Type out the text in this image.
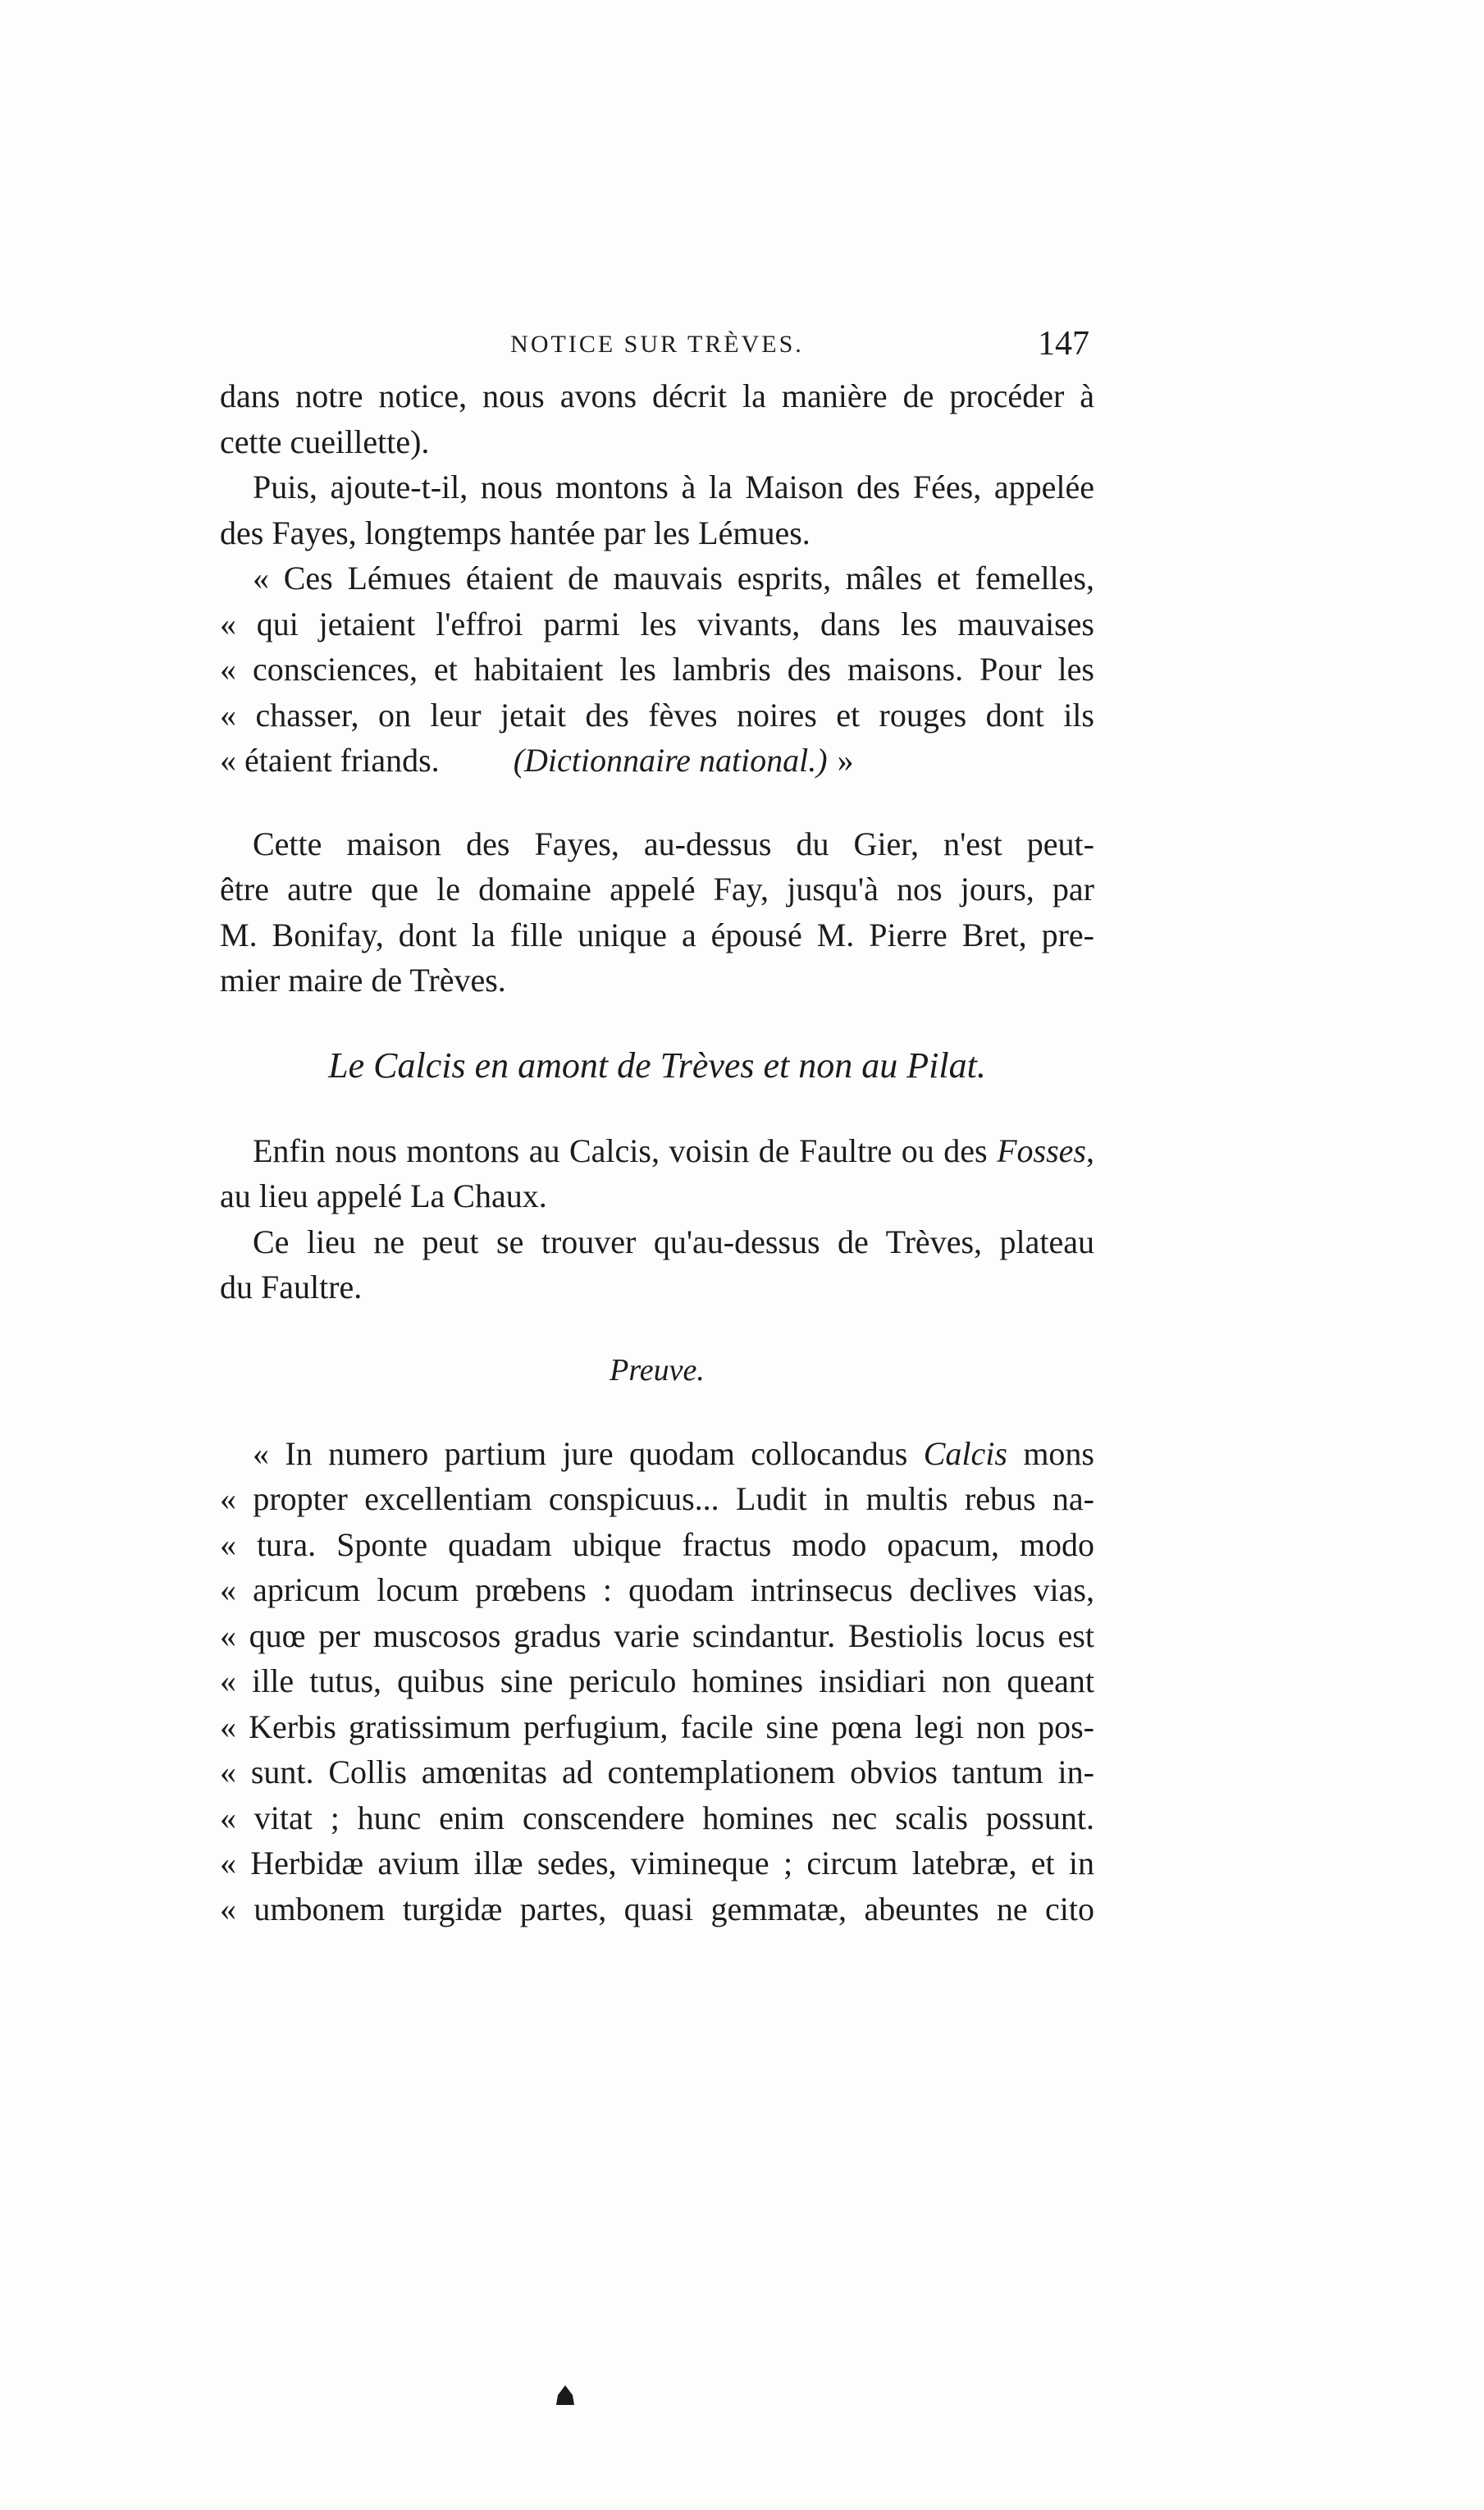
NOTICE SUR TRÈVES.	147
dans notre notice, nous avons décrit la manière de procéder à
cette cueillette).
Puis, ajoute-t-il, nous montons à la Maison des Fées, appelée
des Fayes, longtemps hantée par les Lémues.
« Ces Lémues étaient de mauvais esprits, mâles et femelles,
« qui jetaient l'effroi parmi les vivants, dans les mauvaises
« consciences, et habitaient les lambris des maisons. Pour les
« chasser, on leur jetait des fèves noires et rouges dont ils
« étaient friands. (Dictionnaire national.) »
Cette maison des Fayes, au-dessus du Gier, n'est peut-
être autre que le domaine appelé Fay, jusqu'à nos jours, par
M. Bonifay, dont la fille unique a épousé M. Pierre Bret, pre-
mier maire de Trèves.
Le Calcis en amont de Trèves et non au Pilat.
Enfin nous montons au Calcis, voisin de Faultre ou des Fosses,
au lieu appelé La Chaux.
Ce lieu ne peut se trouver qu'au-dessus de Trèves, plateau
du Faultre.
Preuve.
« In numero partium jure quodam collocandus Calcis mons
« propter excellentiam conspicuus... Ludit in multis rebus na-
« tura. Sponte quadam ubique fractus modo opacum, modo
« apricum locum prœbens : quodam intrinsecus declives vias,
« quœ per muscosos gradus varie scindantur. Bestiolis locus est
« ille tutus, quibus sine periculo homines insidiari non queant
« Kerbis gratissimum perfugium, facile sine pœna legi non pos-
« sunt. Collis amœnitas ad contemplationem obvios tantum in-
« vitat ; hunc enim conscendere homines nec scalis possunt.
« Herbidæ avium illæ sedes, vimineque ; circum latebræ, et in
« umbonem turgidæ partes, quasi gemmatæ, abeuntes ne cito
